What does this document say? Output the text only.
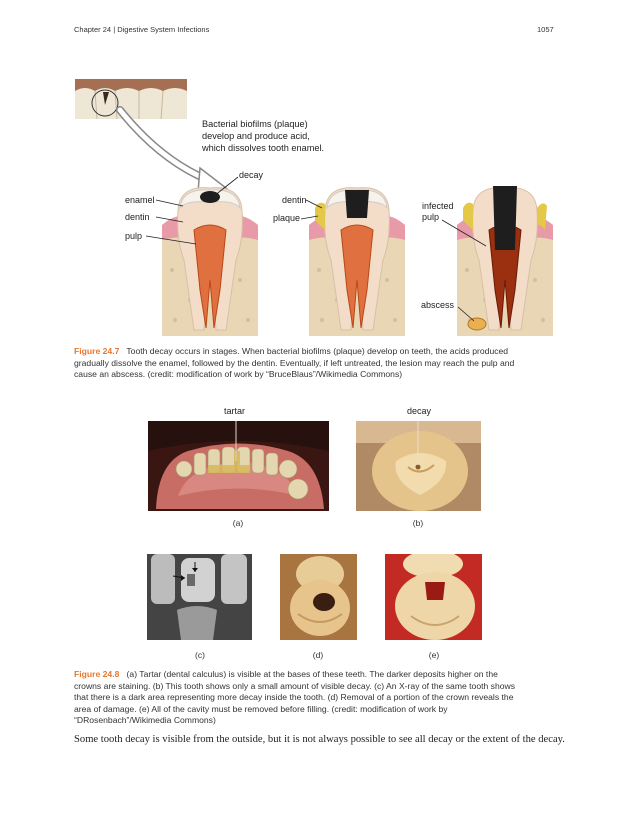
Chapter 24 | Digestive System Infections	1057
Bacterial biofilms (plaque)
develop and produce acid,
which dissolves tooth enamel.
decay
enamel
dentin
pulp
dentin
plaque
infected
pulp
abscess
Figure 24.7 Tooth decay occurs in stages. When bacterial biofilms (plaque) develop on teeth, the acids produced
gradually dissolve the enamel, followed by the dentin. Eventually, if left untreated, the lesion may reach the pulp and
cause an abscess. (credit: modification of work by “BruceBlaus”/Wikimedia Commons)
tartar	decay
(a)	(b)
(c)	(d)	(e)
Figure 24.8 (a) Tartar (dental calculus) is visible at the bases of these teeth. The darker deposits higher on the
crowns are staining. (b) This tooth shows only a small amount of visible decay. (c) An X-ray of the same tooth shows
that there is a dark area representing more decay inside the tooth. (d) Removal of a portion of the crown reveals the
area of damage. (e) All of the cavity must be removed before filling. (credit: modification of work by
“DRosenbach”/Wikimedia Commons)
Some tooth decay is visible from the outside, but it is not always possible to see all decay or the extent of the decay.
